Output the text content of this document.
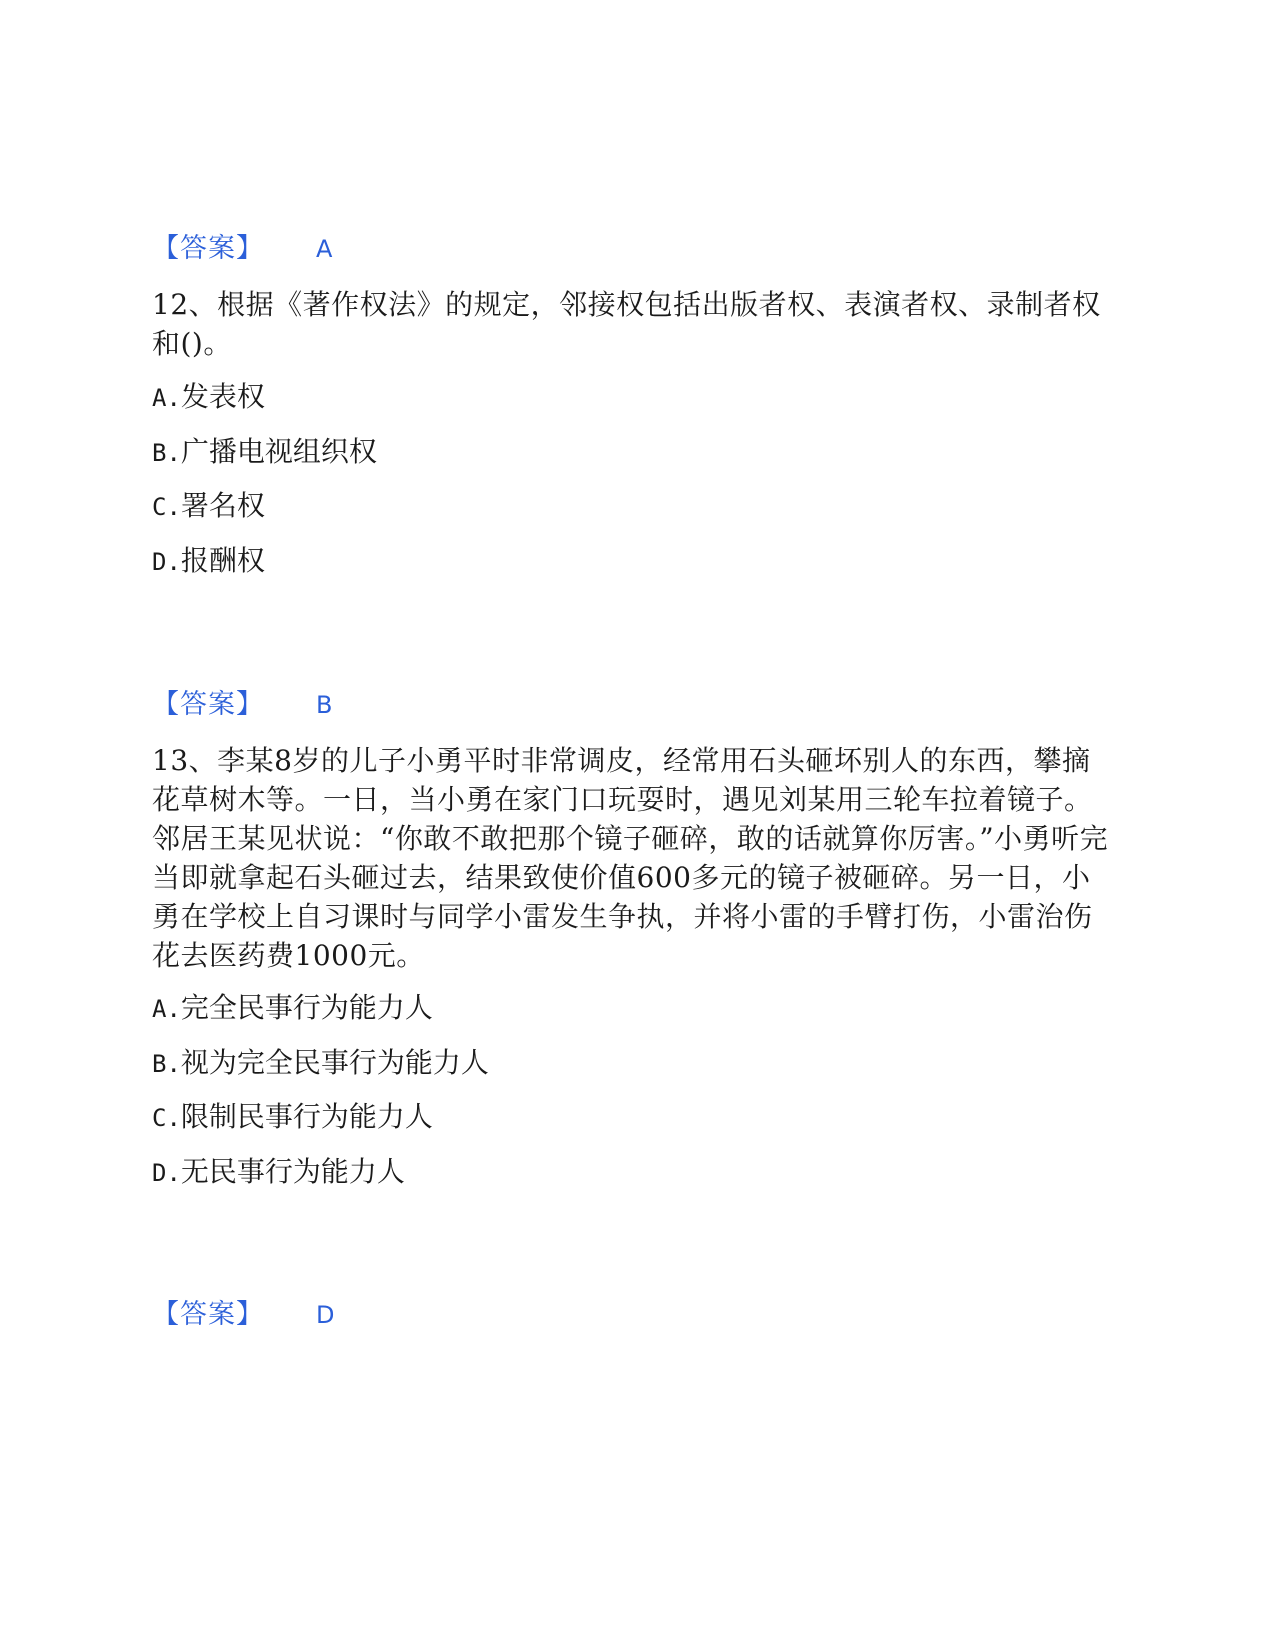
【答案】 A
12、根据《著作权法》的规定，邻接权包括出版者权、表演者权、录制者权和()。
A.发表权
B.广播电视组织权
C.署名权
D.报酬权
【答案】 B
13、李某8岁的儿子小勇平时非常调皮，经常用石头砸坏别人的东西，攀摘花草树木等。一日，当小勇在家门口玩耍时，遇见刘某用三轮车拉着镜子。邻居王某见状说：“你敢不敢把那个镜子砸碎，敢的话就算你厉害。”小勇听完当即就拿起石头砸过去，结果致使价值600多元的镜子被砸碎。另一日，小勇在学校上自习课时与同学小雷发生争执，并将小雷的手臂打伤，小雷治伤花去医药费1000元。
A.完全民事行为能力人
B.视为完全民事行为能力人
C.限制民事行为能力人
D.无民事行为能力人
【答案】 D
